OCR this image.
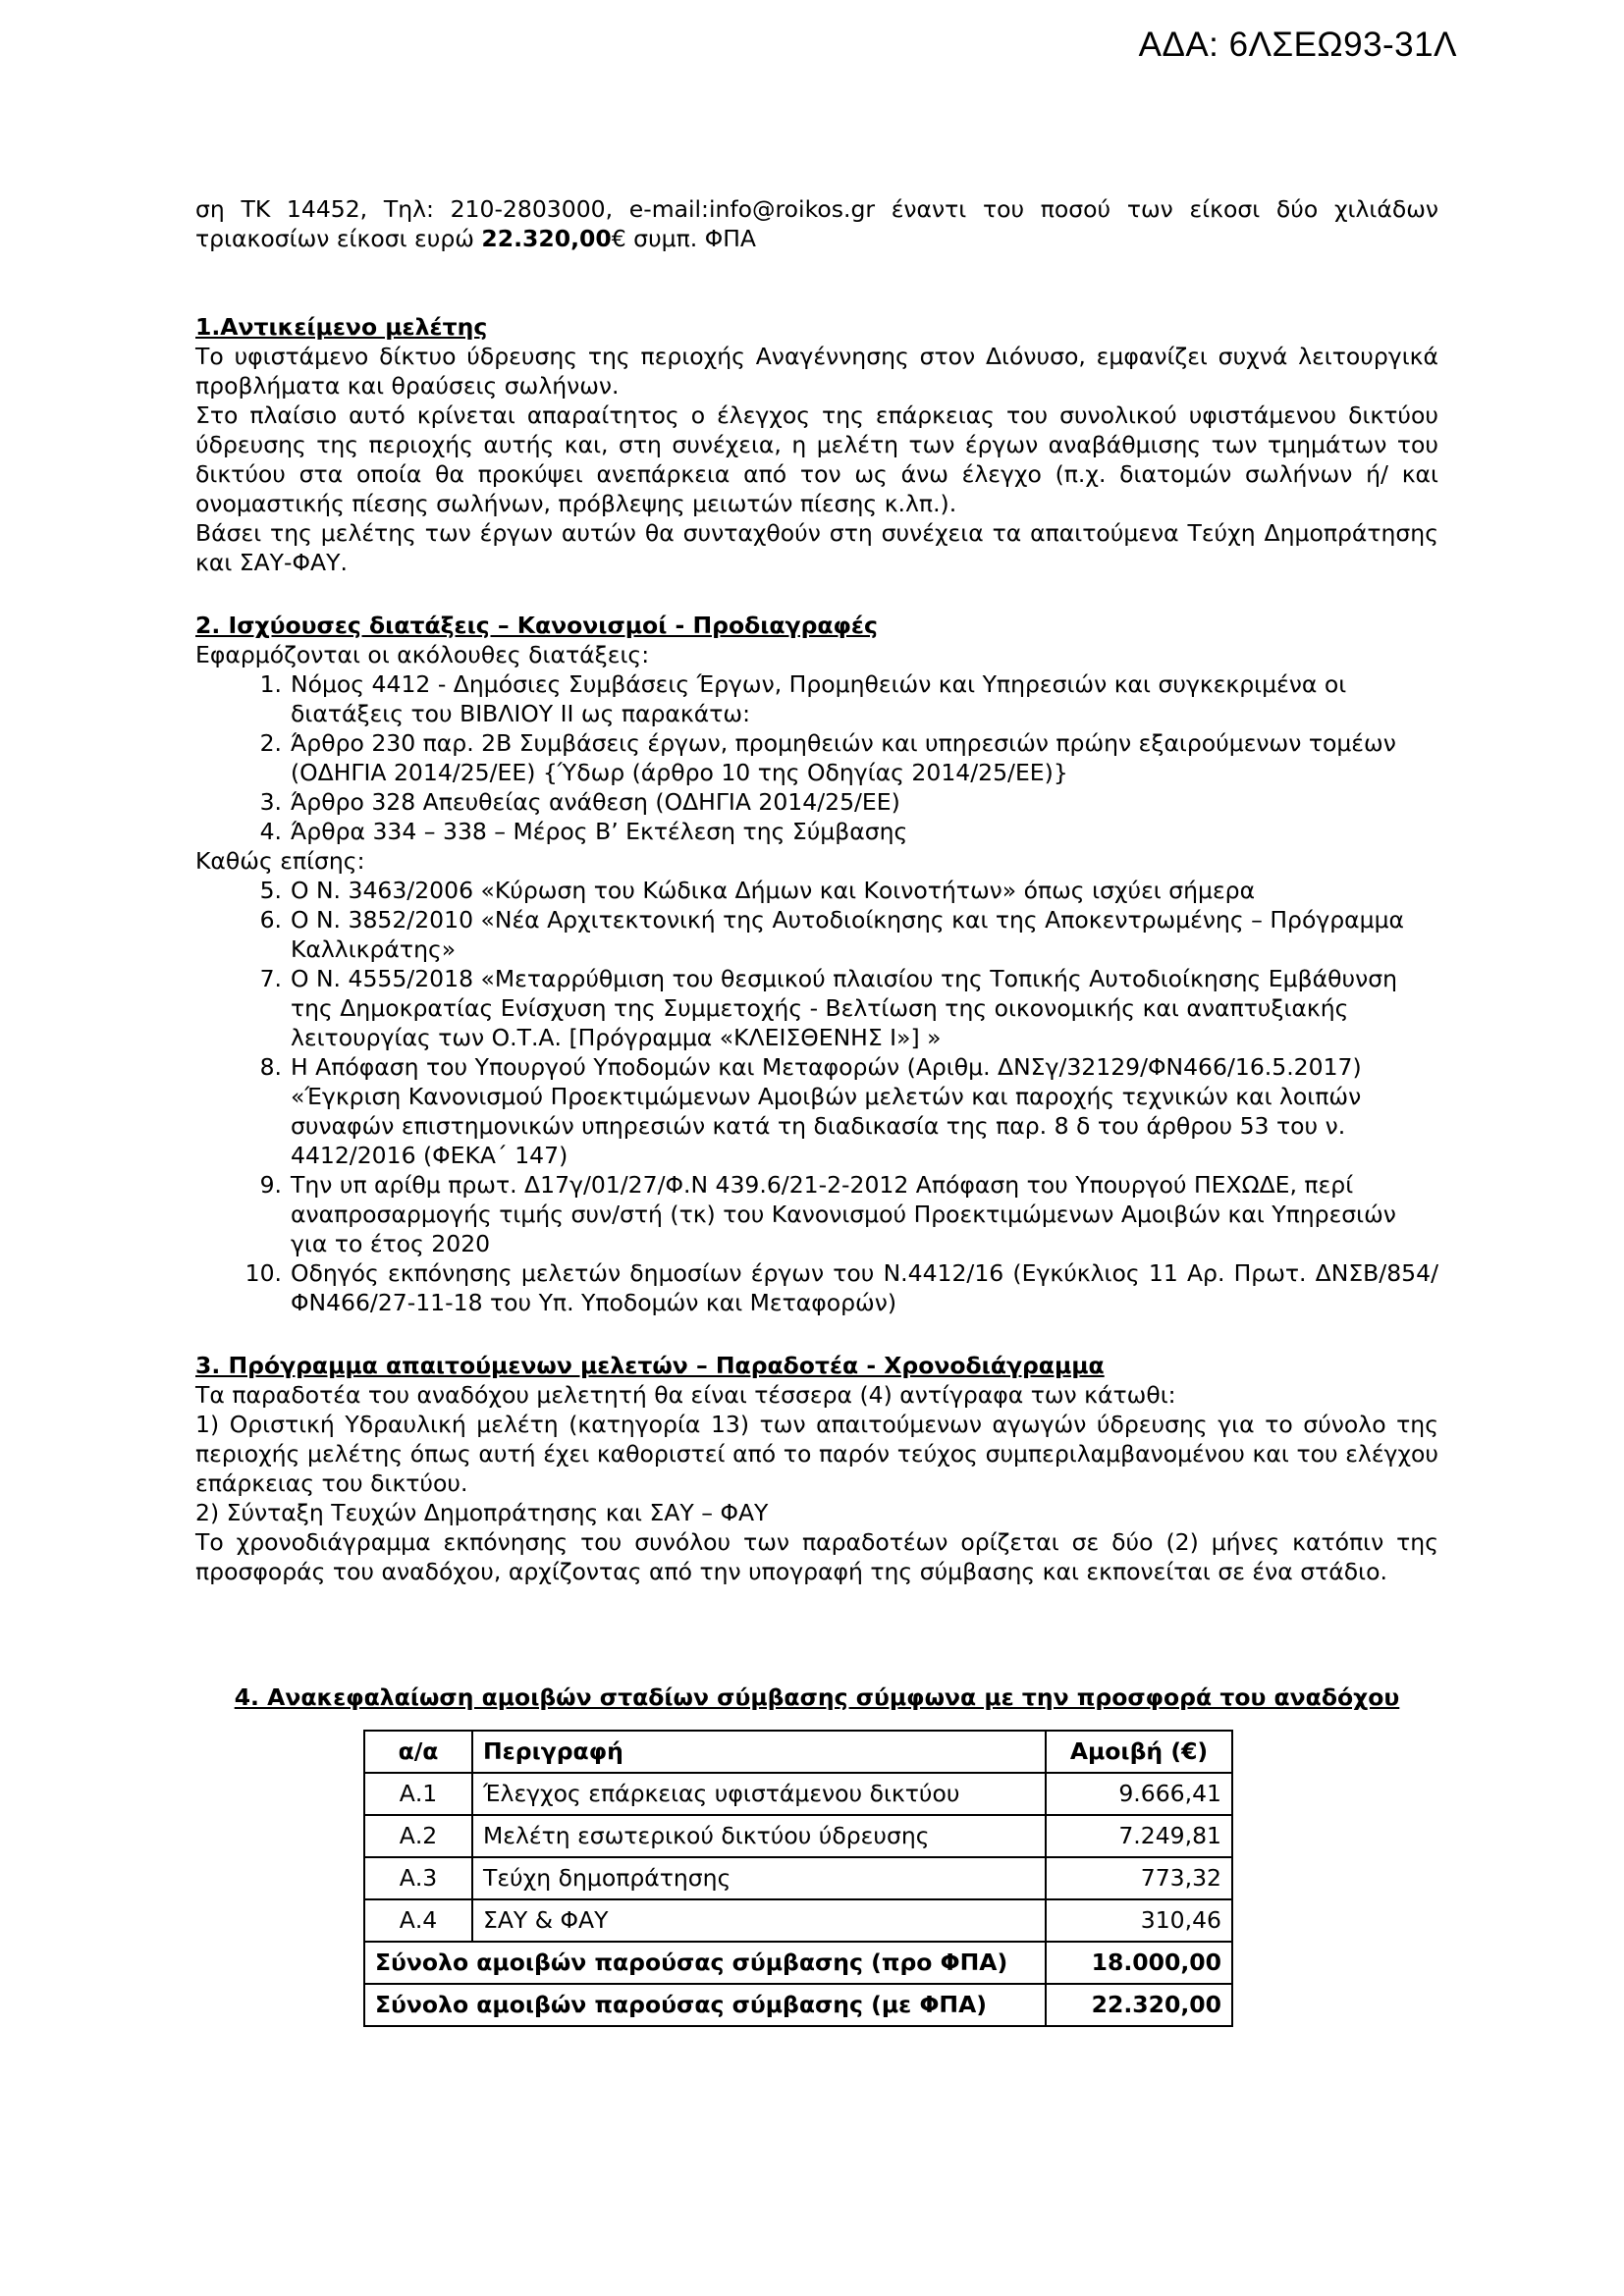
ΑΔΑ: 6ΛΣΕΩ93-31Λ

ση ΤΚ 14452, Τηλ: 210-2803000, e-mail:info@roikos.gr έναντι του ποσού των είκοσι δύο χιλιάδων

τριακοσίων είκοσι ευρώ 22.320,00€ συμπ. ΦΠΑ

1.Αντικείμενο μελέτης

Το υφιστάμενο δίκτυο ύδρευσης της περιοχής Αναγέννησης στον Διόνυσο, εμφανίζει συχνά λειτουργικά προβλήματα και θραύσεις σωλήνων.

Στο πλαίσιο αυτό κρίνεται απαραίτητος ο έλεγχος της επάρκειας του συνολικού υφιστάμενου δικτύου ύδρευσης της περιοχής αυτής και, στη συνέχεια, η μελέτη των έργων αναβάθμισης των τμημάτων του δικτύου στα οποία θα προκύψει ανεπάρκεια από τον ως άνω έλεγχο (π.χ. διατομών σωλήνων ή/ και ονομαστικής πίεσης σωλήνων, πρόβλεψης μειωτών πίεσης κ.λπ.).

Βάσει της μελέτης των έργων αυτών θα συνταχθούν στη συνέχεια τα απαιτούμενα Τεύχη Δημοπράτησης και ΣΑΥ-ΦΑΥ.

2. Ισχύουσες διατάξεις – Κανονισμοί - Προδιαγραφές

Εφαρμόζονται οι ακόλουθες διατάξεις:

1. Νόμος 4412 - Δημόσιες Συμβάσεις Έργων, Προμηθειών και Υπηρεσιών και συγκεκριμένα οι διατάξεις του ΒΙΒΛΙΟΥ ΙΙ ως παρακάτω:
2. Άρθρο 230 παρ. 2Β Συμβάσεις έργων, προμηθειών και υπηρεσιών πρώην εξαιρούμενων τομέων (ΟΔΗΓΙΑ 2014/25/ΕΕ) {Ύδωρ (άρθρο 10 της Οδηγίας 2014/25/ΕΕ)}
3. Άρθρο 328 Απευθείας ανάθεση (ΟΔΗΓΙΑ 2014/25/ΕΕ)
4. Άρθρα 334 – 338 – Μέρος Β’ Εκτέλεση της Σύμβασης

Καθώς επίσης:

5. Ο Ν. 3463/2006 «Κύρωση του Κώδικα Δήμων και Κοινοτήτων» όπως ισχύει σήμερα
6. Ο Ν. 3852/2010 «Νέα Αρχιτεκτονική της Αυτοδιοίκησης και της Αποκεντρωμένης – Πρόγραμμα Καλλικράτης»
7. Ο Ν. 4555/2018 «Μεταρρύθμιση του θεσμικού πλαισίου της Τοπικής Αυτοδιοίκησης Εμβάθυνση της Δημοκρατίας Ενίσχυση της Συμμετοχής - Βελτίωση της οικονομικής και αναπτυξιακής λειτουργίας των Ο.Τ.Α. [Πρόγραμμα «ΚΛΕΙΣΘΕΝΗΣ Ι»] »
8. Η Απόφαση του Υπουργού Υποδομών και Μεταφορών (Αριθμ. ΔΝΣγ/32129/ΦΝ466/16.5.2017) «Έγκριση Κανονισμού Προεκτιμώμενων Αμοιβών μελετών και παροχής τεχνικών και λοιπών συναφών επιστημονικών υπηρεσιών κατά τη διαδικασία της παρ. 8 δ του άρθρου 53 του ν. 4412/2016 (ΦΕΚΑ΄ 147)
9. Την υπ αρίθμ πρωτ. Δ17γ/01/27/Φ.Ν 439.6/21-2-2012 Απόφαση του Υπουργού ΠΕΧΩΔΕ, περί αναπροσαρμογής τιμής συν/στή (τκ) του Κανονισμού Προεκτιμώμενων Αμοιβών και Υπηρεσιών για το έτος 2020
10. Οδηγός εκπόνησης μελετών δημοσίων έργων του Ν.4412/16 (Εγκύκλιος 11 Αρ. Πρωτ. ΔΝΣΒ/854/ΦΝ466/27-11-18 του Υπ. Υποδομών και Μεταφορών)
3. Πρόγραμμα απαιτούμενων μελετών – Παραδοτέα - Χρονοδιάγραμμα

Τα παραδοτέα του αναδόχου μελετητή θα είναι τέσσερα (4) αντίγραφα των κάτωθι:

1) Οριστική Υδραυλική μελέτη (κατηγορία 13) των απαιτούμενων αγωγών ύδρευσης για το σύνολο της περιοχής μελέτης όπως αυτή έχει καθοριστεί από το παρόν τεύχος συμπεριλαμβανομένου και του ελέγχου επάρκειας του δικτύου.

2) Σύνταξη Τευχών Δημοπράτησης και ΣΑΥ – ΦΑΥ

Το χρονοδιάγραμμα εκπόνησης του συνόλου των παραδοτέων ορίζεται σε δύο (2) μήνες κατόπιν της προσφοράς του αναδόχου, αρχίζοντας από την υπογραφή της σύμβασης και εκπονείται σε ένα στάδιο.

4. Ανακεφαλαίωση αμοιβών σταδίων σύμβασης σύμφωνα με την προσφορά του αναδόχου
α/α	Περιγραφή	Αμοιβή (€)
Α.1	Έλεγχος επάρκειας υφιστάμενου δικτύου	9.666,41
Α.2	Μελέτη εσωτερικού δικτύου ύδρευσης	7.249,81
Α.3	Τεύχη δημοπράτησης	773,32
Α.4	ΣΑΥ & ΦΑΥ	310,46
Σύνολο αμοιβών παρούσας σύμβασης (προ ΦΠΑ)		18.000,00
Σύνολο αμοιβών παρούσας σύμβασης (με ΦΠΑ)		22.320,00
